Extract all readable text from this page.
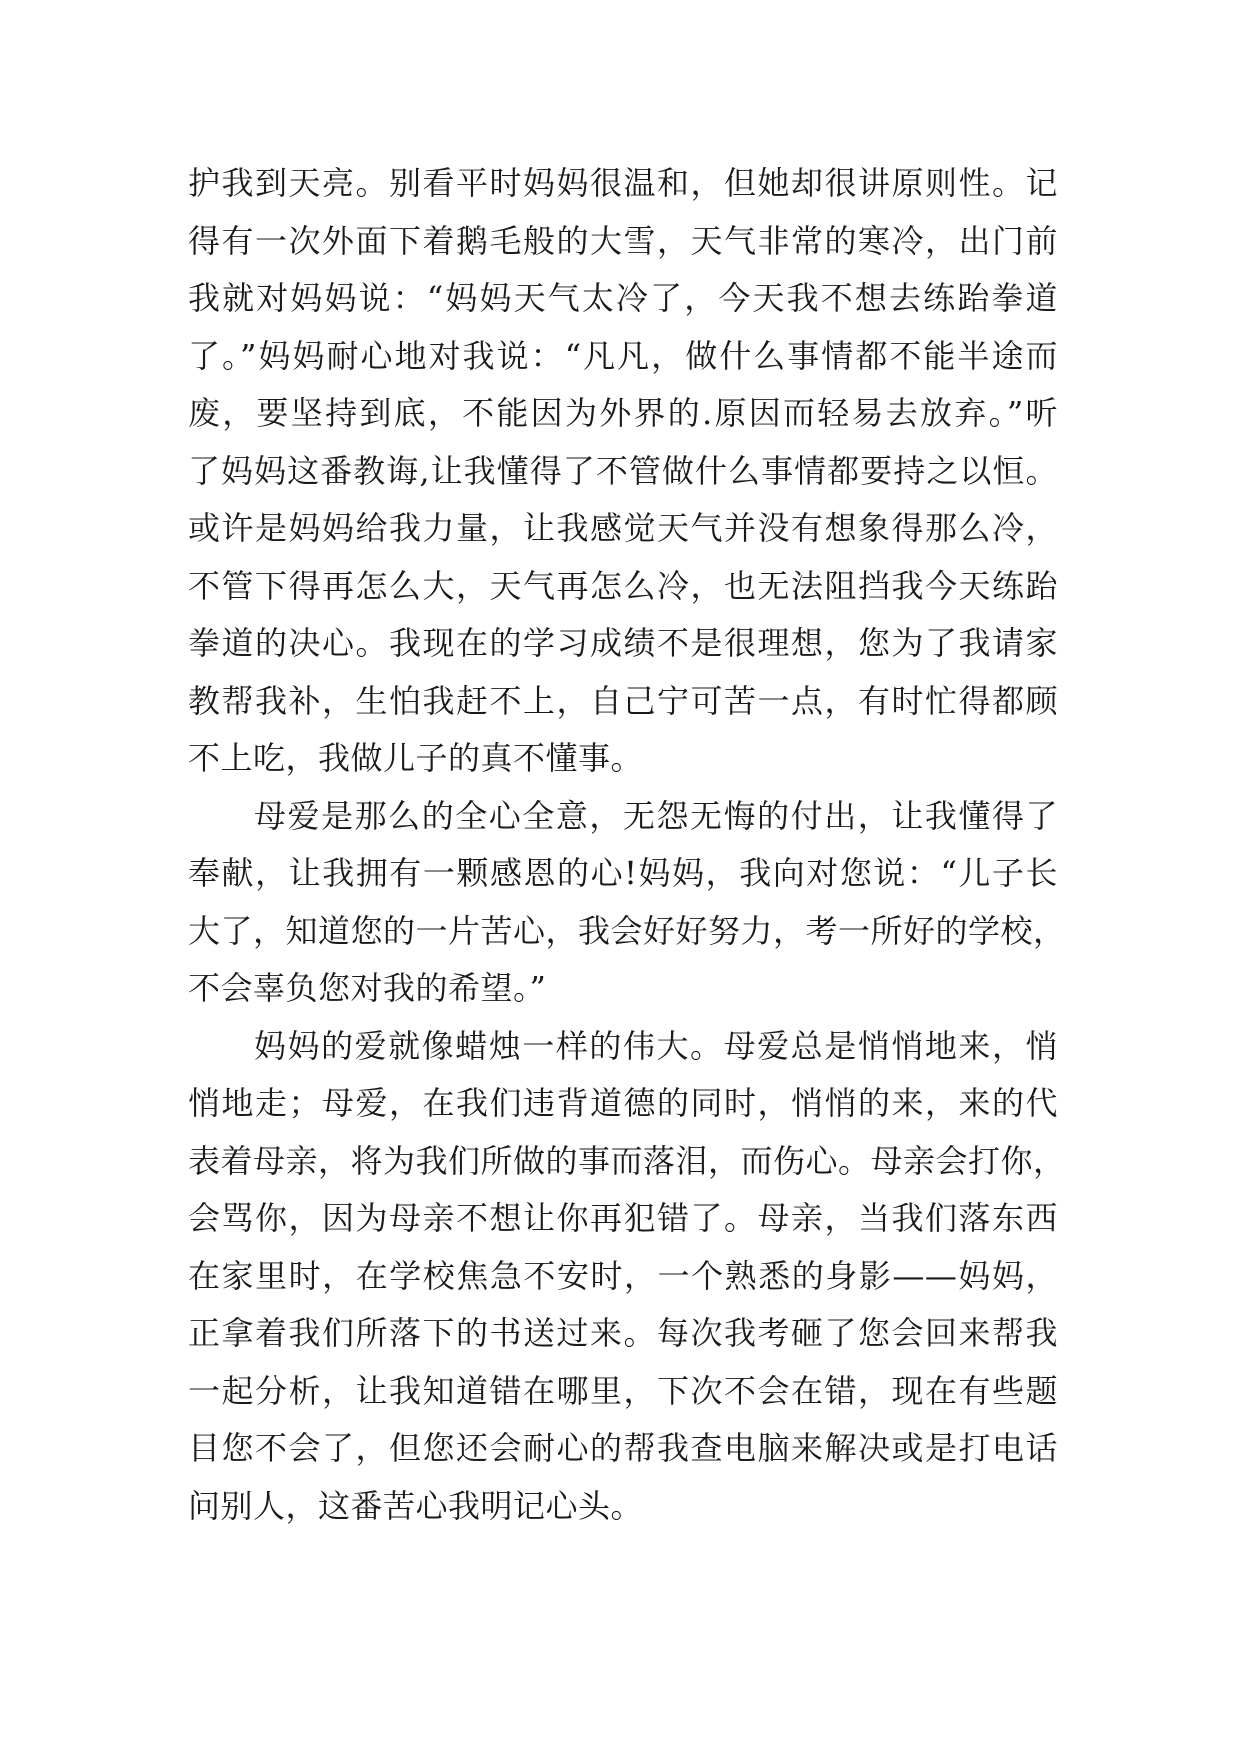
护我到天亮。别看平时妈妈很温和，但她却很讲原则性。记
得有一次外面下着鹅毛般的大雪，天气非常的寒冷，出门前
我就对妈妈说：“妈妈天气太冷了，今天我不想去练跆拳道
了。”妈妈耐心地对我说：“凡凡，做什么事情都不能半途而
废，要坚持到底，不能因为外界的.原因而轻易去放弃。”听
了妈妈这番教诲,让我懂得了不管做什么事情都要持之以恒。
或许是妈妈给我力量，让我感觉天气并没有想象得那么冷，
不管下得再怎么大，天气再怎么冷，也无法阻挡我今天练跆
拳道的决心。我现在的学习成绩不是很理想，您为了我请家
教帮我补，生怕我赶不上，自己宁可苦一点，有时忙得都顾
不上吃，我做儿子的真不懂事。
母爱是那么的全心全意，无怨无悔的付出，让我懂得了
奉献，让我拥有一颗感恩的心!妈妈，我向对您说：“儿子长
大了，知道您的一片苦心，我会好好努力，考一所好的学校，
不会辜负您对我的希望。”
妈妈的爱就像蜡烛一样的伟大。母爱总是悄悄地来，悄
悄地走；母爱，在我们违背道德的同时，悄悄的来，来的代
表着母亲，将为我们所做的事而落泪，而伤心。母亲会打你，
会骂你，因为母亲不想让你再犯错了。母亲，当我们落东西
在家里时，在学校焦急不安时，一个熟悉的身影——妈妈，
正拿着我们所落下的书送过来。每次我考砸了您会回来帮我
一起分析，让我知道错在哪里，下次不会在错，现在有些题
目您不会了，但您还会耐心的帮我查电脑来解决或是打电话
问别人，这番苦心我明记心头。
